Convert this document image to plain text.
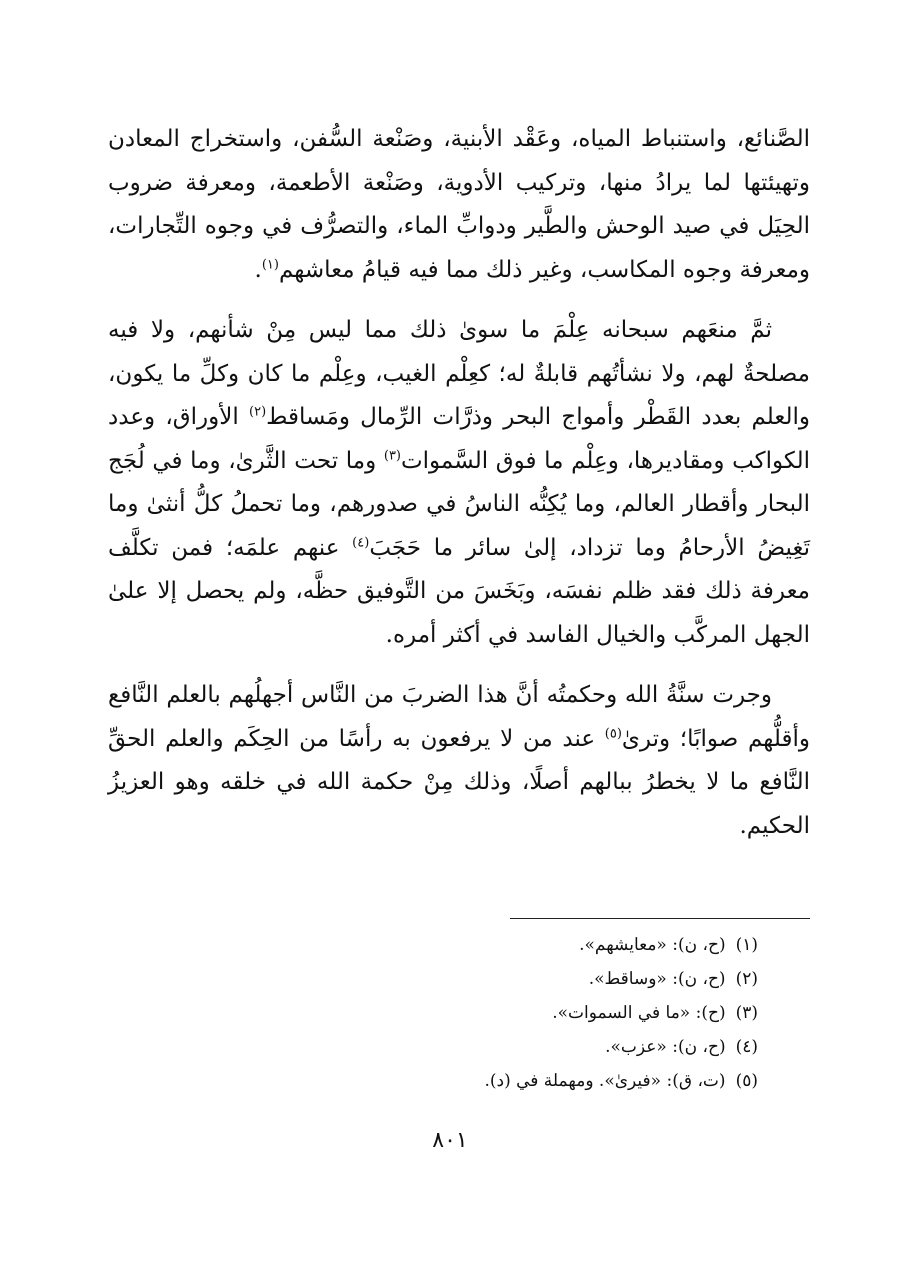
الصَّنائع، واستنباط المياه، وعَقْد الأبنية، وصَنْعة السُّفن، واستخراج المعادن وتهيئتها لما يرادُ منها، وتركيب الأدوية، وصَنْعة الأطعمة، ومعرفة ضروب الحِيَل في صيد الوحش والطَّير ودوابِّ الماء، والتصرُّف في وجوه التِّجارات، ومعرفة وجوه المكاسب، وغير ذلك مما فيه قيامُ معاشهم$^{(١)}$.

ثمَّ منعَهم سبحانه عِلْمَ ما سوىٰ ذلك مما ليس مِنْ شأنهم، ولا فيه مصلحةٌ لهم، ولا نشأتُهم قابلةٌ له؛ كعِلْم الغيب، وعِلْم ما كان وكلِّ ما يكون، والعلم بعدد القَطْر وأمواج البحر وذرَّات الرِّمال ومَساقط$^{(٢)}$ الأوراق، وعدد الكواكب ومقاديرها، وعِلْم ما فوق السَّموات$^{(٣)}$ وما تحت الثَّرىٰ، وما في لُجَج البحار وأقطار العالم، وما يُكِنُّه الناسُ في صدورهم، وما تحملُ كلُّ أنثىٰ وما تَغِيضُ الأرحامُ وما تزداد، إلىٰ سائر ما حَجَبَ$^{(٤)}$ عنهم علمَه؛ فمن تكلَّف معرفة ذلك فقد ظلم نفسَه، وبَخَسَ من التَّوفيق حظَّه، ولم يحصل إلا علىٰ الجهل المركَّب والخيال الفاسد في أكثر أمره.

وجرت سنَّةُ الله وحكمتُه أنَّ هذا الضربَ من النَّاس أجهلُهم بالعلم النَّافع وأقلُّهم صوابًا؛ وترىٰ$^{(٥)}$ عند من لا يرفعون به رأسًا من الحِكَم والعلم الحقِّ النَّافع ما لا يخطرُ ببالهم أصلًا، وذلك مِنْ حكمة الله في خلقه وهو العزيزُ الحكيم.

(١)(ح، ن): «معايشهم».
(٢)(ح، ن): «وساقط».
(٣)(ح): «ما في السموات».
(٤)(ح، ن): «عزب».
(٥)(ت، ق): «فيرىٰ». ومهملة في (د).
٨٠١
